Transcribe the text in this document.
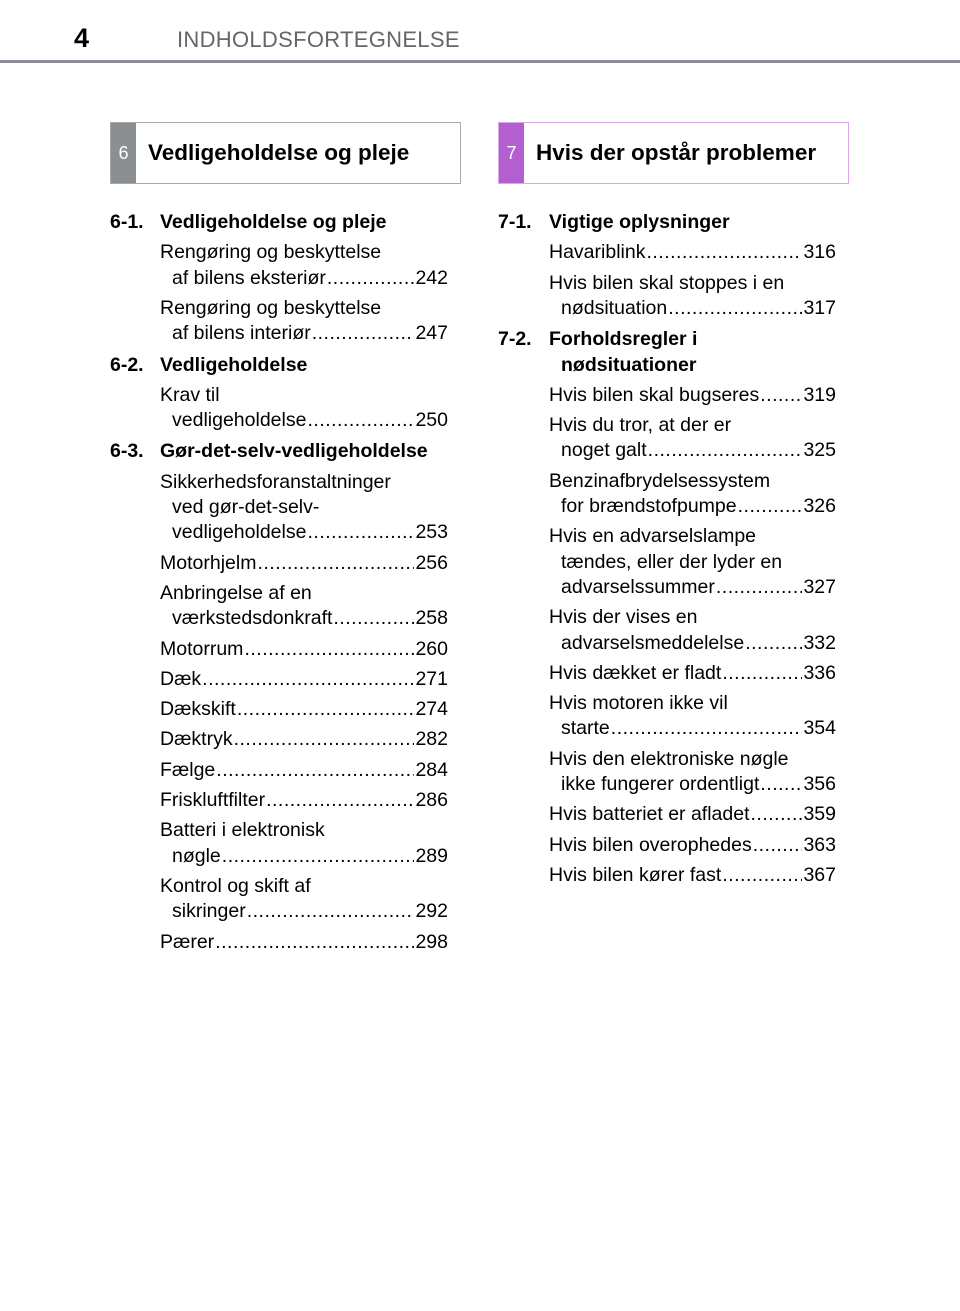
4	INDHOLDSFORTEGNELSE
6 Vedligeholdelse og pleje	7 Hvis der opstår problemer
6-1. Vedligeholdelse og pleje
Rengøring og beskyttelse
af bilens eksteriør .....	242
Rengøring og beskyttelse
af bilens interiør .....	247
6-2. Vedligeholdelse
Krav til
vedligeholdelse .....	250
6-3. Gør-det-selv-vedligeholdelse
Sikkerhedsforanstaltninger
ved gør-det-selv-
vedligeholdelse .....	253
Motorhjelm .....	256
Anbringelse af en
værkstedsdonkraft .....	258
Motorrum .....	260
Dæk .....	271
Dækskift .....	274
Dæktryk .....	282
Fælge .....	284
Friskluftfilter .....	286
Batteri i elektronisk
nøgle .....	289
Kontrol og skift af
sikringer .....	292
Pærer .....	298
7-1. Vigtige oplysninger
Havariblink .....	316
Hvis bilen skal stoppes i en
nødsituation .....	317
7-2. Forholdsregler i
nødsituationer
Hvis bilen skal bugseres ..... 319
Hvis du tror, at der er
noget galt .....	325
Benzinafbrydelsessystem
for brændstofpumpe .....	326
Hvis en advarselslampe
tændes, eller der lyder en
advarselssummer .....	327
Hvis der vises en
advarselsmeddelelse .....	332
Hvis dækket er fladt .....	336
Hvis motoren ikke vil
starte .....	354
Hvis den elektroniske nøgle
ikke fungerer ordentligt ..... 356
Hvis batteriet er afladet .....	359
Hvis bilen overophedes .....	363
Hvis bilen kører fast .....	367
